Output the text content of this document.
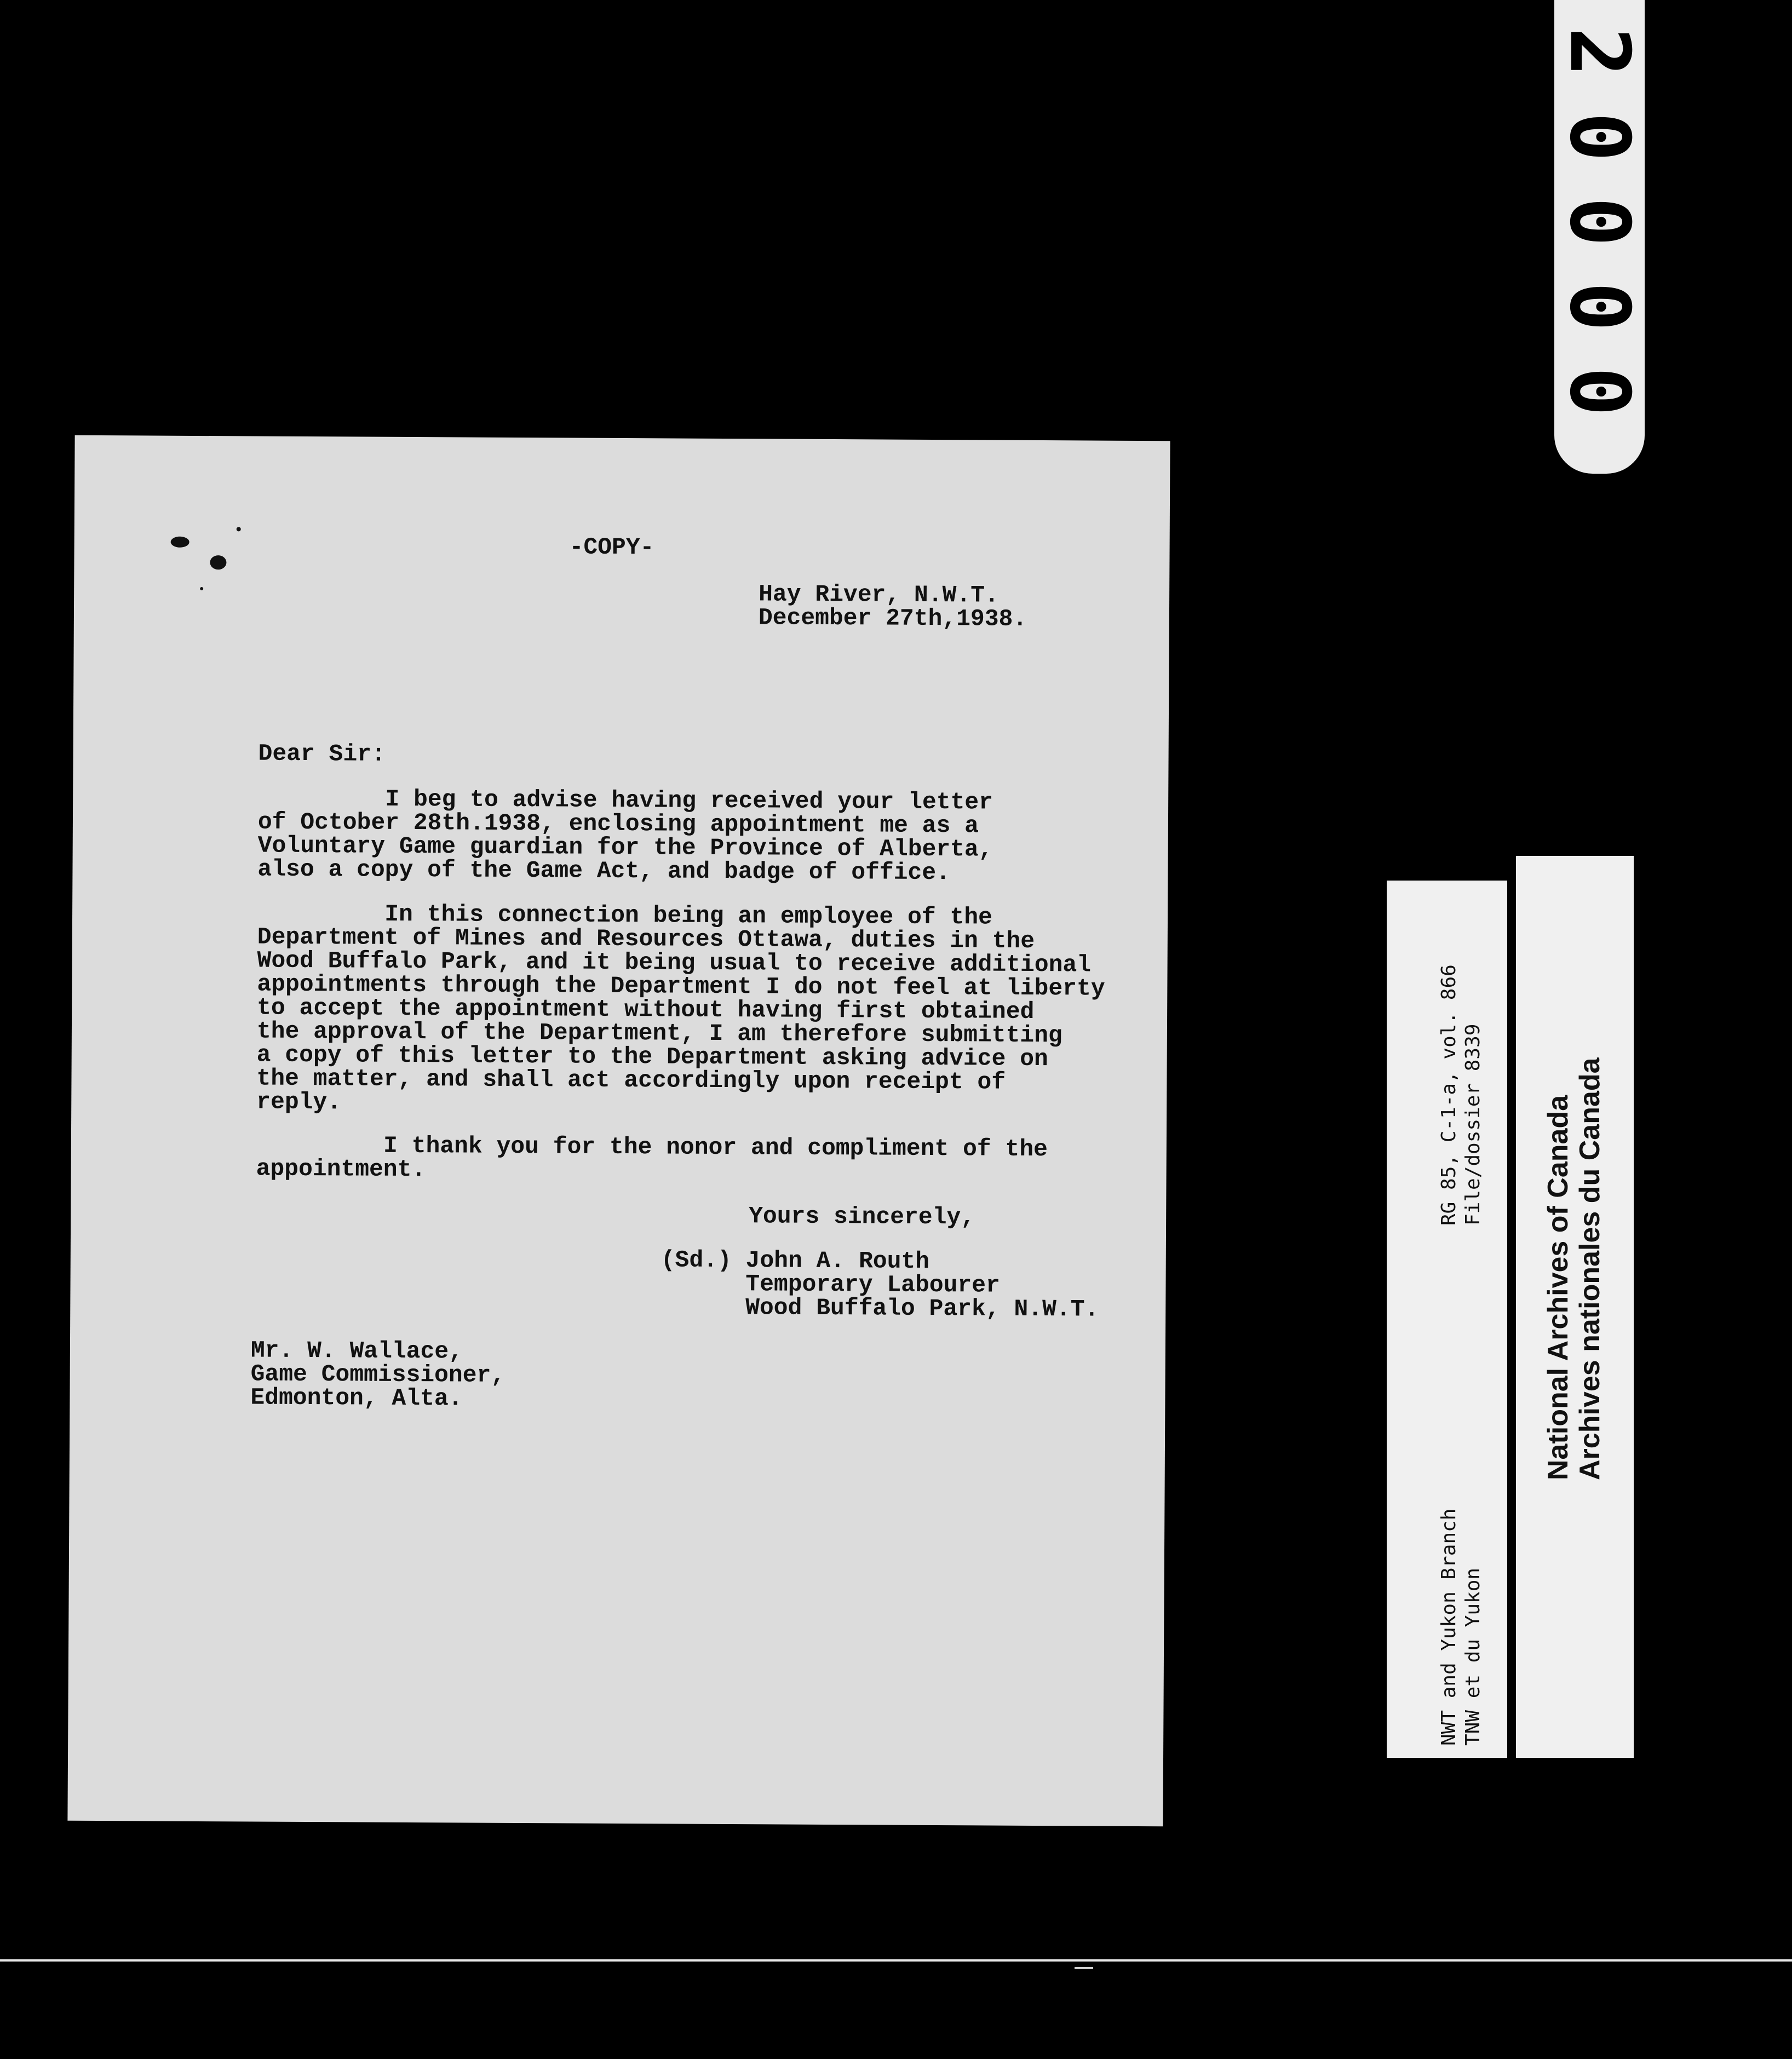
-COPY-

Hay River, N.W.T.

December 27th,1938.

Dear Sir:

I beg to advise having received your letter

of October 28th.1938, enclosing appointment me as a

Voluntary Game guardian for the Province of Alberta,

also a copy of the Game Act, and badge of office.

In this connection being an employee of the

Department of Mines and Resources Ottawa, duties in the

Wood Buffalo Park, and it being usual to receive additional

appointments through the Department I do not feel at liberty

to accept the appointment without having first obtained

the approval of the Department, I am therefore submitting

a copy of this letter to the Department asking advice on

the matter, and shall act accordingly upon receipt of

reply.

I thank you for the nonor and compliment of the

appointment.

Yours sincerely,

(Sd.) John A. Routh

Temporary Labourer

Wood Buffalo Park, N.W.T.

Mr. W. Wallace,

Game Commissioner,

Edmonton, Alta.

2
0
0
0
0
RG 85, C-1-a, vol. 866 File/dossier 8339
NWT and Yukon Branch TNW et du Yukon
National Archives of Canada Archives nationales du Canada
